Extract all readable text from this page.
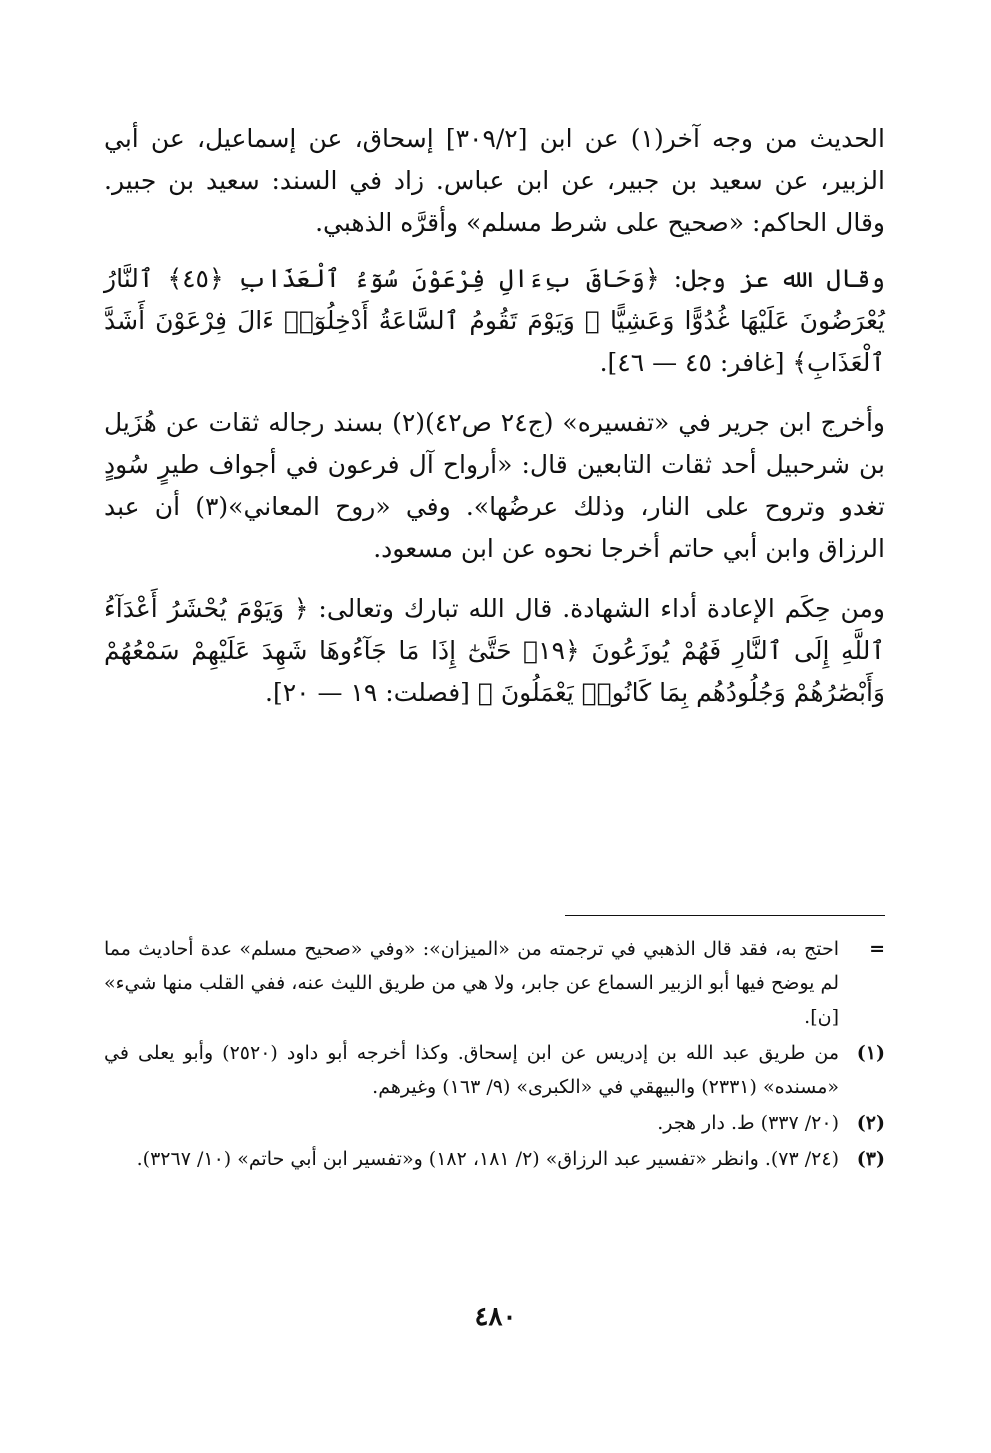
الحديث من وجه آخر(١) عن ابن [٣٠٩/٢] إسحاق، عن إسماعيل، عن أبي الزبير، عن سعيد بن جبير، عن ابن عباس. زاد في السند: سعيد بن جبير. وقال الحاكم: «صحيح على شرط مسلم» وأقرَّه الذهبي.

وقال الله عز وجل: ﴿وَحَاقَ بِءَالِ فِرْعَوْنَ سُوٓءُ ٱلْعَذَابِ ﴿٤٥﴾ ٱلنَّارُ يُعْرَضُونَ عَلَيْهَا غُدُوًّا وَعَشِيًّا ۖ وَيَوْمَ تَقُومُ ٱلسَّاعَةُ أَدْخِلُوٓا۟ ءَالَ فِرْعَوْنَ أَشَدَّ ٱلْعَذَابِ﴾ [غافر: ٤٥ — ٤٦].

وأخرج ابن جرير في «تفسيره» (ج٢٤ ص٤٢)(٢) بسند رجاله ثقات عن هُزَيل بن شرحبيل أحد ثقات التابعين قال: «أرواح آل فرعون في أجواف طيرٍ سُودٍ تغدو وتروح على النار، وذلك عرضُها». وفي «روح المعاني»(٣) أن عبد الرزاق وابن أبي حاتم أخرجا نحوه عن ابن مسعود.

ومن حِكَم الإعادة أداء الشهادة. قال الله تبارك وتعالى: ﴿ وَيَوْمَ يُحْشَرُ أَعْدَآءُ ٱللَّهِ إِلَى ٱلنَّارِ فَهُمْ يُوزَعُونَ ﴿١٩﴾ حَتَّىٰٓ إِذَا مَا جَآءُوهَا شَهِدَ عَلَيْهِمْ سَمْعُهُمْ وَأَبْصَٰرُهُمْ وَجُلُودُهُم بِمَا كَانُوا۟ يَعْمَلُونَ ﴾ [فصلت: ١٩ — ٢٠].

=
احتج به، فقد قال الذهبي في ترجمته من «الميزان»: «وفي «صحيح مسلم» عدة أحاديث مما لم يوضح فيها أبو الزبير السماع عن جابر، ولا هي من طريق الليث عنه، ففي القلب منها شيء» [ن].
(١)
من طريق عبد الله بن إدريس عن ابن إسحاق. وكذا أخرجه أبو داود (٢٥٢٠) وأبو يعلى في «مسنده» (٢٣٣١) والبيهقي في «الكبرى» (٩/ ١٦٣) وغيرهم.
(٢)
(٢٠/ ٣٣٧) ط. دار هجر.
(٣)
(٢٤/ ٧٣). وانظر «تفسير عبد الرزاق» (٢/ ١٨١، ١٨٢) و«تفسير ابن أبي حاتم» (١٠/ ٣٢٦٧).
٤٨٠
